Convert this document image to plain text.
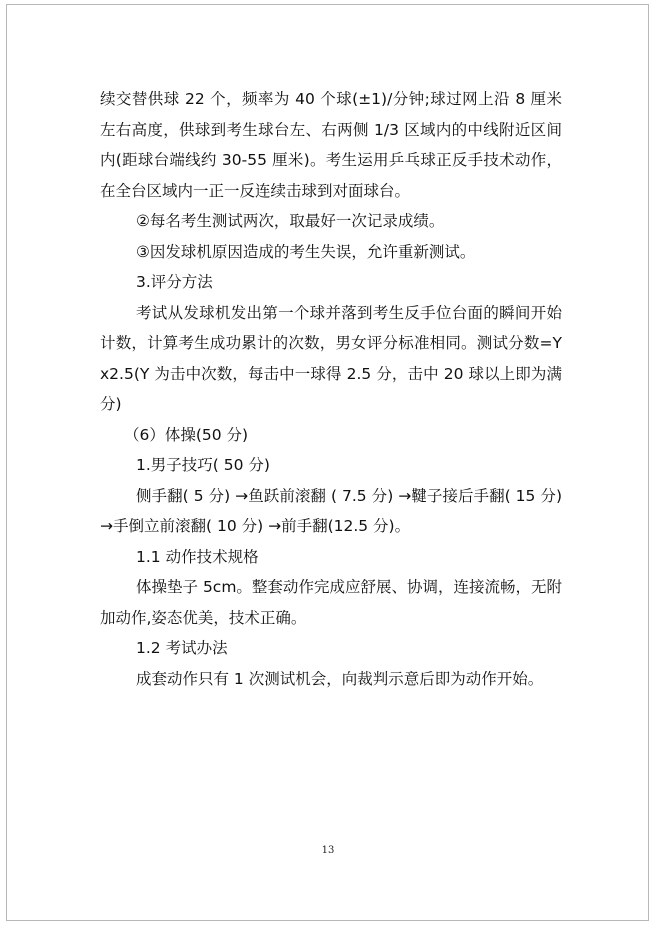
续交替供球 22 个，频率为 40 个球(±1)/分钟;球过网上沿 8 厘米左右高度，供球到考生球台左、右两侧 1/3 区域内的中线附近区间内(距球台端线约 30-55 厘米)。考生运用乒乓球正反手技术动作，在全台区域内一正一反连续击球到对面球台。

②每名考生测试两次，取最好一次记录成绩。

③因发球机原因造成的考生失误，允许重新测试。

3.评分方法

考试从发球机发出第一个球并落到考生反手位台面的瞬间开始计数，计算考生成功累计的次数，男女评分标准相同。测试分数=Yx2.5(Y 为击中次数，每击中一球得 2.5 分，击中 20 球以上即为满分)

（6）体操(50 分)

1.男子技巧( 50 分)

侧手翻( 5 分) →鱼跃前滚翻 ( 7.5 分) →鞬子接后手翻( 15 分) →手倒立前滚翻( 10 分) →前手翻(12.5 分)。

1.1 动作技术规格

体操垫子 5cm。整套动作完成应舒展、协调，连接流畅，无附加动作,姿态优美，技术正确。

1.2 考试办法

成套动作只有 1 次测试机会，向裁判示意后即为动作开始。

13
